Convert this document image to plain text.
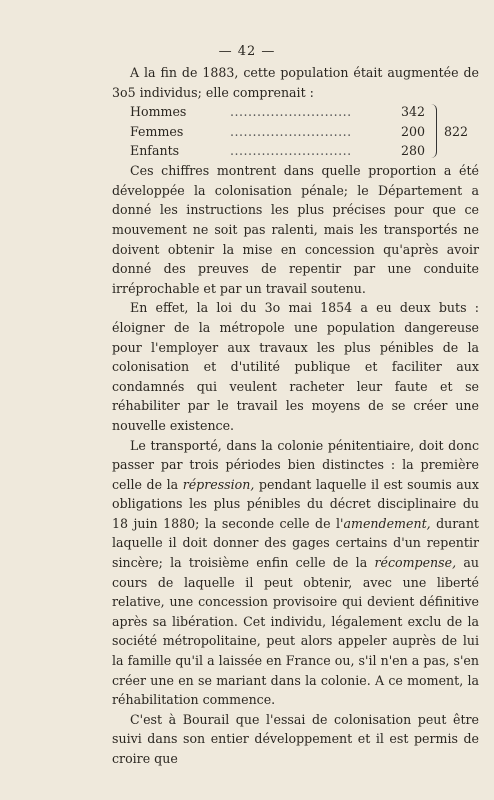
— 42 —

A la fin de 1883, cette population était augmentée de 3o5 individus; elle comprenait :

Hommes	...........................	342
Femmes	...........................	200
Enfants	...........................	280
822

Ces chiffres montrent dans quelle proportion a été développée la colonisation pénale; le Département a donné les instructions les plus précises pour que ce mouvement ne soit pas ralenti, mais les transportés ne doivent obtenir la mise en concession qu'après avoir donné des preuves de repentir par une conduite irréprochable et par un travail soutenu.

En effet, la loi du 3o mai 1854 a eu deux buts : éloigner de la métropole une population dangereuse pour l'employer aux travaux les plus pénibles de la colonisation et d'utilité publique et faciliter aux condamnés qui veulent racheter leur faute et se réhabiliter par le travail les moyens de se créer une nouvelle existence.

Le transporté, dans la colonie pénitentiaire, doit donc passer par trois périodes bien distinctes : la première celle de la répression, pendant laquelle il est soumis aux obligations les plus pénibles du décret disciplinaire du 18 juin 1880; la seconde celle de l'amendement, durant laquelle il doit donner des gages certains d'un repentir sincère; la troisième enfin celle de la récompense, au cours de laquelle il peut obtenir, avec une liberté relative, une concession provisoire qui devient définitive après sa libération. Cet individu, légalement exclu de la société métropolitaine, peut alors appeler auprès de lui la famille qu'il a laissée en France ou, s'il n'en a pas, s'en créer une en se mariant dans la colonie. A ce moment, la réhabilitation commence.

C'est à Bourail que l'essai de colonisation peut être suivi dans son entier développement et il est permis de croire que
